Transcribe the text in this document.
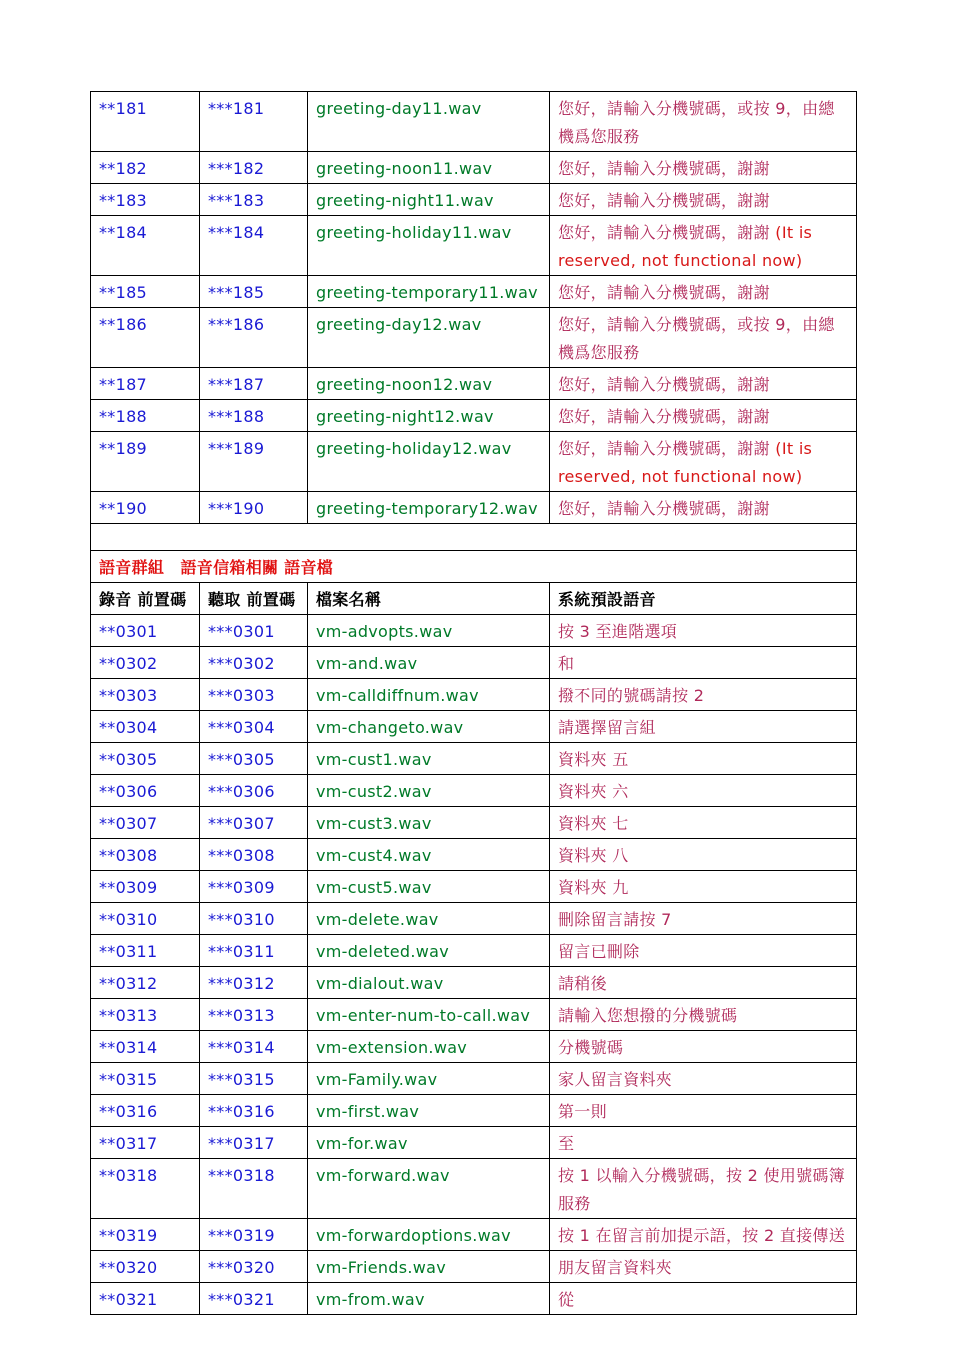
**181	***181	greeting-day11.wav	您好，請輸入分機號碼，或按 9，由總機爲您服務
**182	***182	greeting-noon11.wav	您好，請輸入分機號碼，謝謝
**183	***183	greeting-night11.wav	您好，請輸入分機號碼，謝謝
**184	***184	greeting-holiday11.wav	您好，請輸入分機號碼，謝謝 (It is reserved, not functional now)
**185	***185	greeting-temporary11.wav	您好，請輸入分機號碼，謝謝
**186	***186	greeting-day12.wav	您好，請輸入分機號碼，或按 9，由總機爲您服務
**187	***187	greeting-noon12.wav	您好，請輸入分機號碼，謝謝
**188	***188	greeting-night12.wav	您好，請輸入分機號碼，謝謝
**189	***189	greeting-holiday12.wav	您好，請輸入分機號碼，謝謝 (It is reserved, not functional now)
**190	***190	greeting-temporary12.wav	您好，請輸入分機號碼，謝謝

語音群組　語音信箱相關 語音檔			
錄音 前置碼	聽取 前置碼	檔案名稱	系統預設語音
**0301	***0301	vm-advopts.wav	按 3 至進階選項
**0302	***0302	vm-and.wav	和
**0303	***0303	vm-calldiffnum.wav	撥不同的號碼請按 2
**0304	***0304	vm-changeto.wav	請選擇留言組
**0305	***0305	vm-cust1.wav	資料夾 五
**0306	***0306	vm-cust2.wav	資料夾 六
**0307	***0307	vm-cust3.wav	資料夾 七
**0308	***0308	vm-cust4.wav	資料夾 八
**0309	***0309	vm-cust5.wav	資料夾 九
**0310	***0310	vm-delete.wav	刪除留言請按 7
**0311	***0311	vm-deleted.wav	留言已刪除
**0312	***0312	vm-dialout.wav	請稍後
**0313	***0313	vm-enter-num-to-call.wav	請輸入您想撥的分機號碼
**0314	***0314	vm-extension.wav	分機號碼
**0315	***0315	vm-Family.wav	家人留言資料夾
**0316	***0316	vm-first.wav	第一則
**0317	***0317	vm-for.wav	至
**0318	***0318	vm-forward.wav	按 1 以輸入分機號碼，按 2 使用號碼簿服務
**0319	***0319	vm-forwardoptions.wav	按 1 在留言前加提示語，按 2 直接傳送
**0320	***0320	vm-Friends.wav	朋友留言資料夾
**0321	***0321	vm-from.wav	從
